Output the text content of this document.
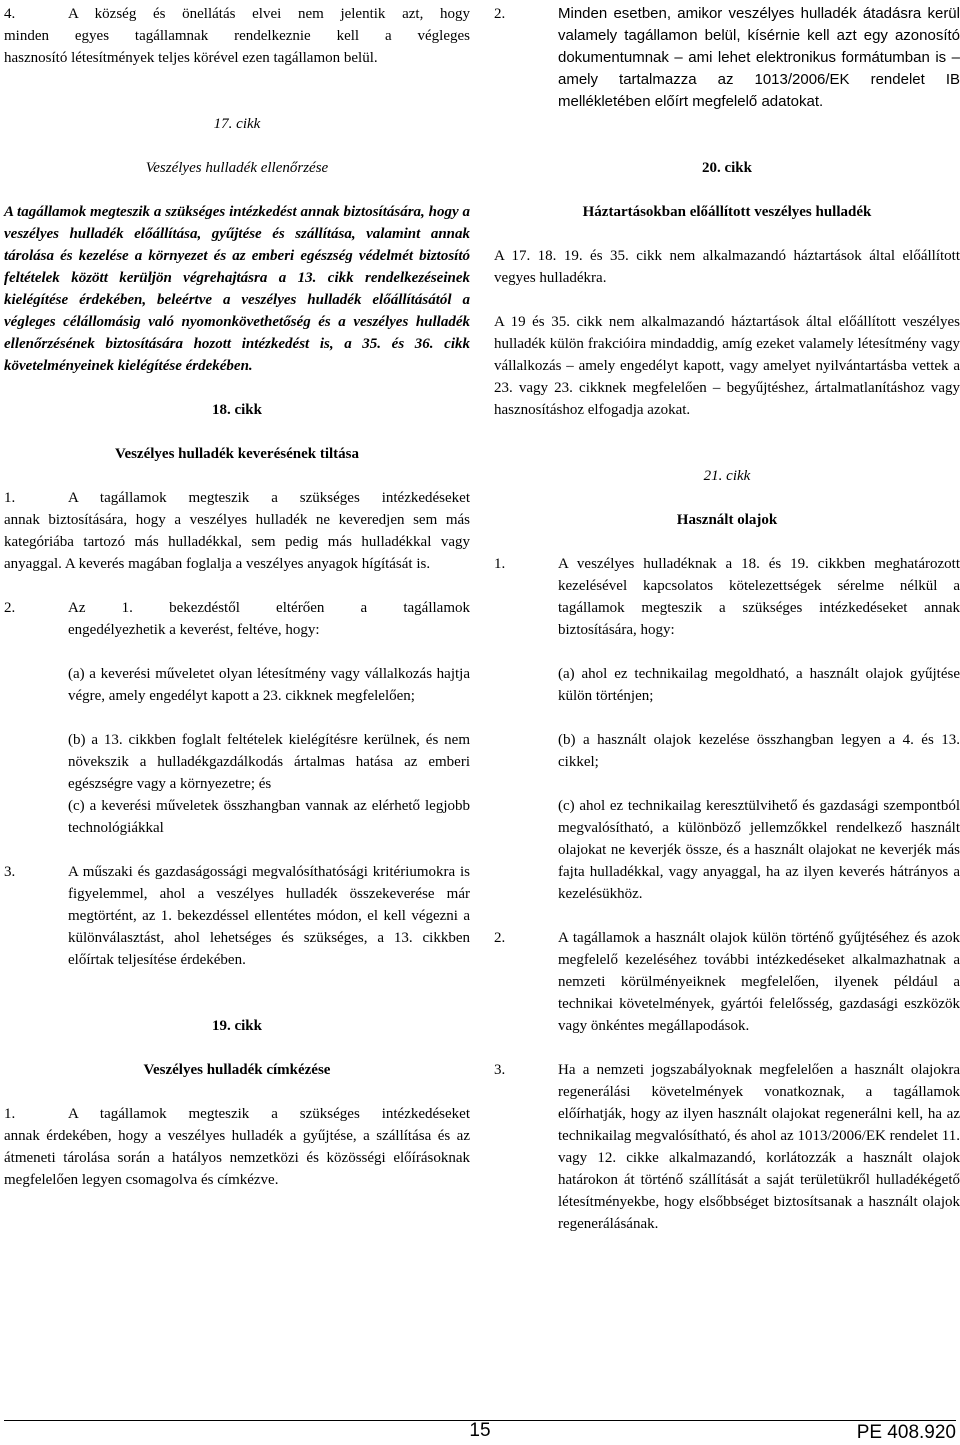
4.	A község és önellátás elvei nem jelentik azt, hogy

minden egyes tagállamnak rendelkeznie kell a végleges

hasznosító létesítmények teljes körével ezen tagállamon belül.

17. cikk

Veszélyes hulladék ellenőrzése

A tagállamok megteszik a szükséges intézkedést annak biztosítására, hogy a veszélyes hulladék előállítása, gyűjtése és szállítása, valamint annak tárolása és kezelése a környezet és az emberi egészség védelmét biztosító feltételek között kerüljön végrehajtásra a 13. cikk rendelkezéseinek kielégítése érdekében, beleértve a veszélyes hulladék előállításától a végleges célállomásig való nyomonkövethetőség és a veszélyes hulladék ellenőrzésének biztosítására hozott intézkedést is, a 35. és 36. cikk követelményeinek kielégítése érdekében.

18. cikk

Veszélyes hulladék keverésének tiltása

1.	A tagállamok megteszik a szükséges intézkedéseket

annak biztosítására, hogy a veszélyes hulladék ne keveredjen sem más kategóriába tartozó más hulladékkal, sem pedig más hulladékkal vagy anyaggal. A keverés magában foglalja a veszélyes anyagok hígítását is.

2.	Az 1. bekezdéstől eltérően a tagállamok

engedélyezhetik a keverést, feltéve, hogy:

(a) a keverési műveletet olyan létesítmény vagy vállalkozás hajtja végre, amely engedélyt kapott a 23. cikknek megfelelően;

(b) a 13. cikkben foglalt feltételek kielégítésre kerülnek, és nem növekszik a hulladékgazdálkodás ártalmas hatása az emberi egészségre vagy a környezetre; és

(c) a keverési műveletek összhangban vannak az elérhető legjobb technológiákkal

3.	A műszaki és gazdaságossági megvalósíthatósági kritériumokra is figyelemmel, ahol a veszélyes hulladék összekeverése már megtörtént, az 1. bekezdéssel ellentétes módon, el kell végezni a különválasztást, ahol lehetséges és szükséges, a 13. cikkben előírtak teljesítése érdekében.

19. cikk

Veszélyes hulladék címkézése

1.	A tagállamok megteszik a szükséges intézkedéseket

annak érdekében, hogy a veszélyes hulladék a gyűjtése, a szállítása és az átmeneti tárolása során a hatályos nemzetközi és közösségi előírásoknak megfelelően legyen csomagolva és címkézve.

2.	Minden esetben, amikor veszélyes hulladék átadásra kerül valamely tagállamon belül, kísérnie kell azt egy azonosító dokumentumnak ‒ ami lehet elektronikus formátumban is ‒ amely tartalmazza az 1013/2006/EK rendelet IB mellékletében előírt megfelelő adatokat.

20. cikk

Háztartásokban előállított veszélyes hulladék

A 17. 18. 19. és 35. cikk nem alkalmazandó háztartások által előállított vegyes hulladékra.

A 19 és 35. cikk nem alkalmazandó háztartások által előállított veszélyes hulladék külön frakcióira mindaddig, amíg ezeket valamely létesítmény vagy vállalkozás ‒ amely engedélyt kapott, vagy amelyet nyilvántartásba vettek a 23. vagy 23. cikknek megfelelően ‒ begyűjtéshez, ártalmatlanításhoz vagy hasznosításhoz elfogadja azokat.

21. cikk

Használt olajok

1.	A veszélyes hulladéknak a 18. és 19. cikkben meghatározott kezelésével kapcsolatos kötelezettségek sérelme nélkül a tagállamok megteszik a szükséges intézkedéseket annak biztosítására, hogy:

(a) ahol ez technikailag megoldható, a használt olajok gyűjtése külön történjen;

(b) a használt olajok kezelése összhangban legyen a 4. és 13. cikkel;

(c) ahol ez technikailag keresztülvihető és gazdasági szempontból megvalósítható, a különböző jellemzőkkel rendelkező használt olajokat ne keverjék össze, és a használt olajokat ne keverjék más fajta hulladékkal, vagy anyaggal, ha az ilyen keverés hátrányos a kezelésükhöz.

2.	A tagállamok a használt olajok külön történő gyűjtéséhez és azok megfelelő kezeléséhez további intézkedéseket alkalmazhatnak a nemzeti körülményeiknek megfelelően, ilyenek például a technikai követelmények, gyártói felelősség, gazdasági eszközök vagy önkéntes megállapodások.
3.	Ha a nemzeti jogszabályoknak megfelelően a használt olajokra regenerálási követelmények vonatkoznak, a tagállamok előírhatják, hogy az ilyen használt olajokat regenerálni kell, ha az technikailag megvalósítható, és ahol az 1013/2006/EK rendelet 11. vagy 12. cikke alkalmazandó, korlátozzák a használt olajok határokon át történő szállítását a saját területükről hulladékégető létesítményekbe, hogy elsőbbséget biztosítsanak a használt olajok regenerálásának.
15	PE 408.920
